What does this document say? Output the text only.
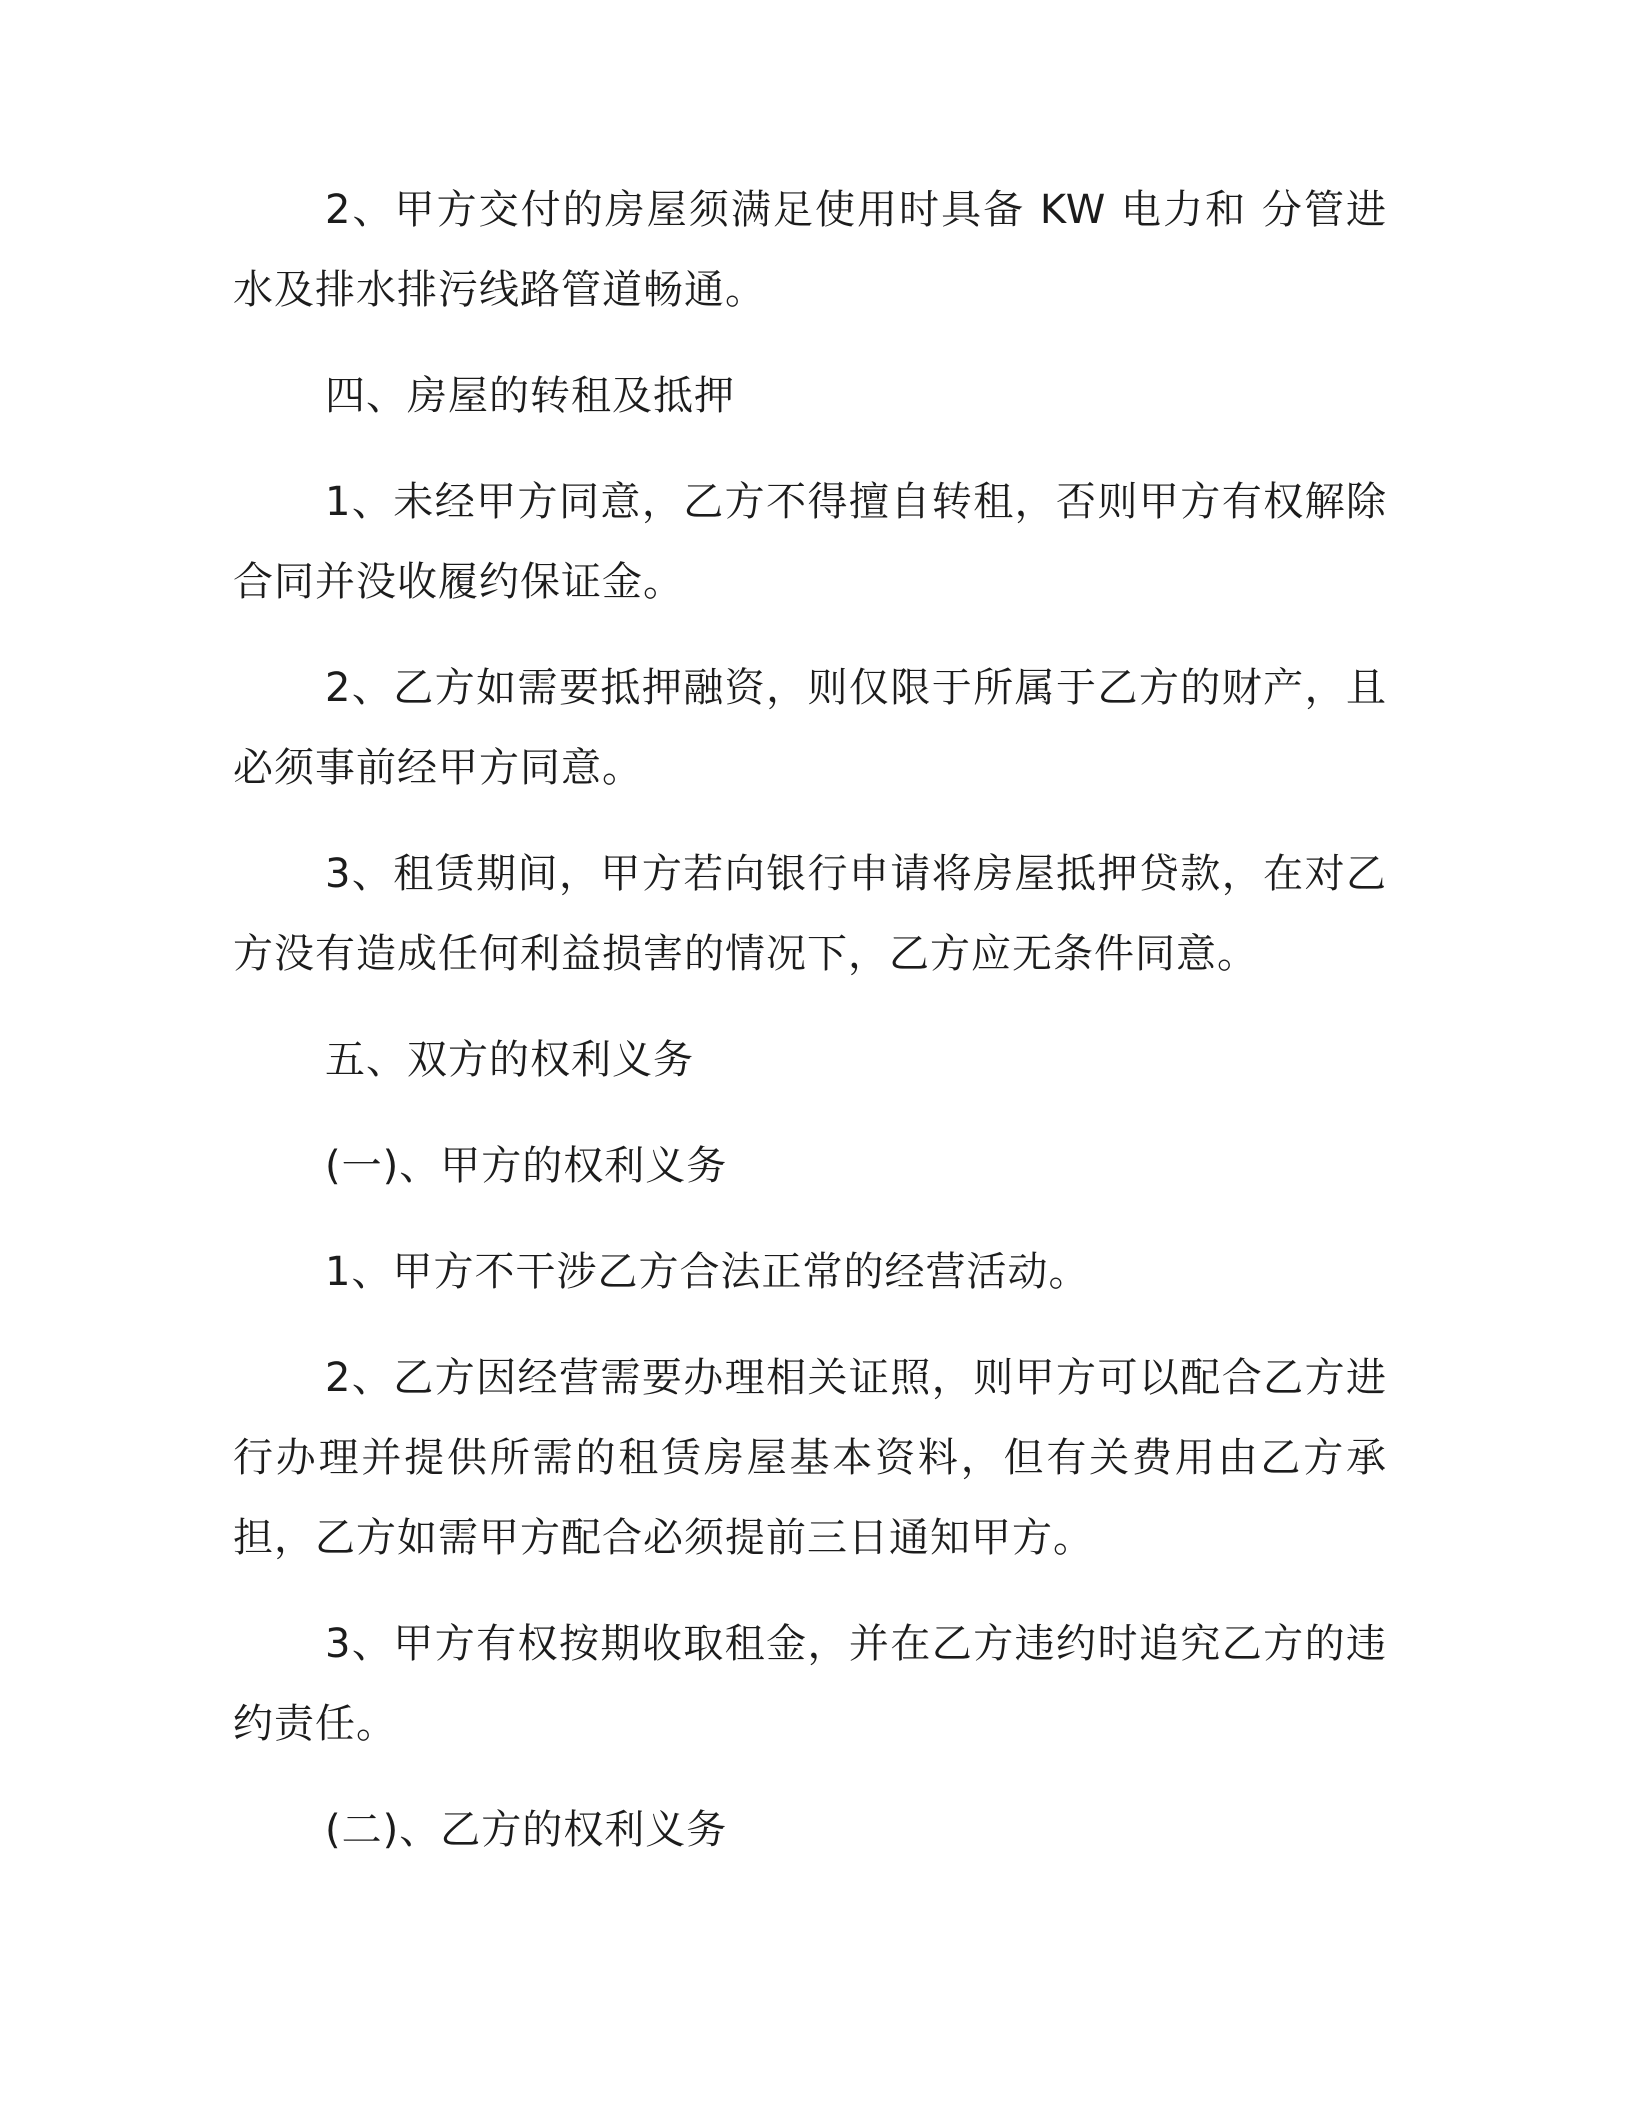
2、甲方交付的房屋须满足使用时具备 KW 电力和 分管进水及排水排污线路管道畅通。

四、房屋的转租及抵押

1、未经甲方同意，乙方不得擅自转租，否则甲方有权解除合同并没收履约保证金。

2、乙方如需要抵押融资，则仅限于所属于乙方的财产，且必须事前经甲方同意。

3、租赁期间，甲方若向银行申请将房屋抵押贷款，在对乙方没有造成任何利益损害的情况下，乙方应无条件同意。

五、双方的权利义务

(一)、甲方的权利义务

1、甲方不干涉乙方合法正常的经营活动。

2、乙方因经营需要办理相关证照，则甲方可以配合乙方进行办理并提供所需的租赁房屋基本资料，但有关费用由乙方承担，乙方如需甲方配合必须提前三日通知甲方。

3、甲方有权按期收取租金，并在乙方违约时追究乙方的违约责任。

(二)、乙方的权利义务
